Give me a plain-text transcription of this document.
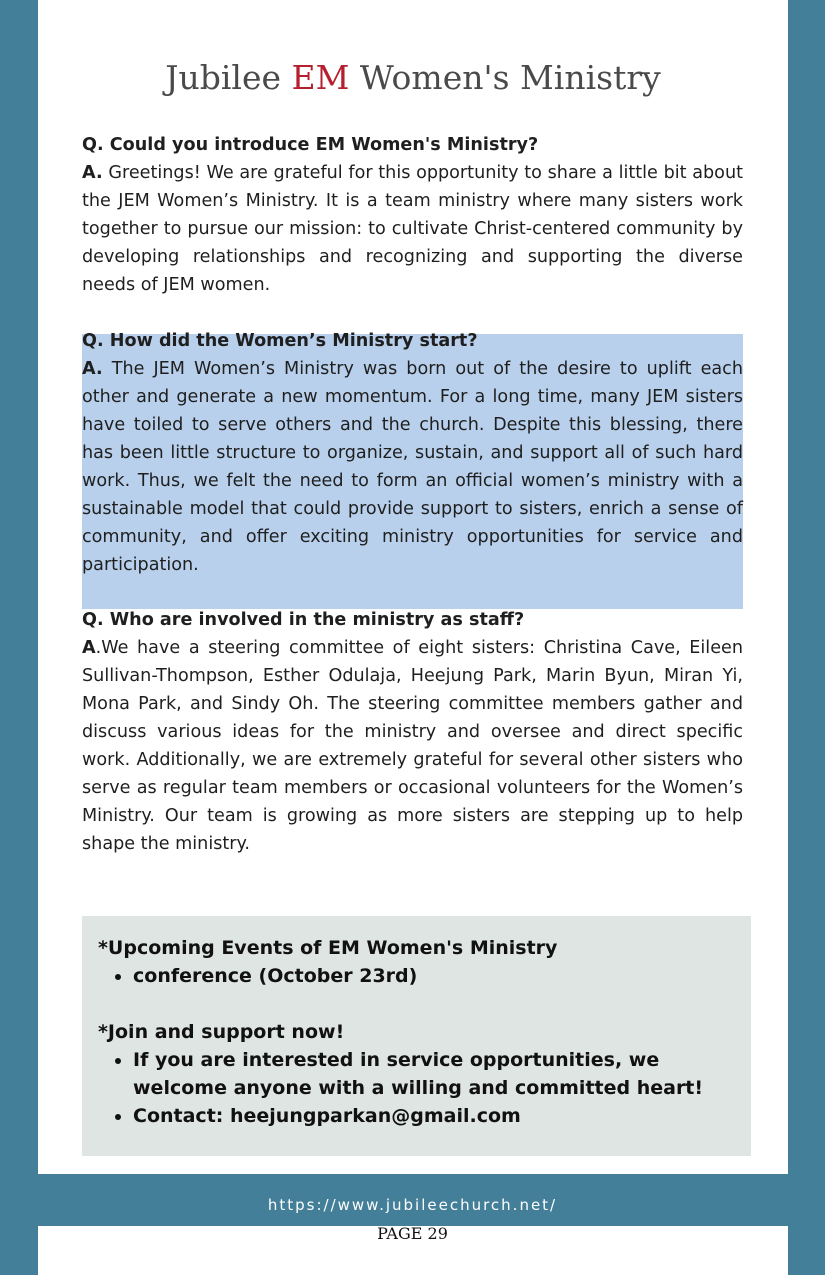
Jubilee EM Women's Ministry

Q. Could you introduce EM Women's Ministry?

A. Greetings! We are grateful for this opportunity to share a little bit about the JEM Women’s Ministry. It is a team ministry where many sisters work together to pursue our mission: to cultivate Christ-centered community by developing relationships and recognizing and supporting the diverse needs of JEM women.

Q. How did the Women’s Ministry start?

A. The JEM Women’s Ministry was born out of the desire to uplift each other and generate a new momentum. For a long time, many JEM sisters have toiled to serve others and the church. Despite this blessing, there has been little structure to organize, sustain, and support all of such hard work. Thus, we felt the need to form an official women’s ministry with a sustainable model that could provide support to sisters, enrich a sense of community, and offer exciting ministry opportunities for service and participation.

Q. Who are involved in the ministry as staff?

A.We have a steering committee of eight sisters: Christina Cave, Eileen Sullivan-Thompson, Esther Odulaja, Heejung Park, Marin Byun, Miran Yi, Mona Park, and Sindy Oh. The steering committee members gather and discuss various ideas for the ministry and oversee and direct specific work. Additionally, we are extremely grateful for several other sisters who serve as regular team members or occasional volunteers for the Women’s Ministry. Our team is growing as more sisters are stepping up to help shape the ministry.

*Upcoming Events of EM Women's Ministry

• conference (October 23rd)

*Join and support now!

• If you are interested in service opportunities, we welcome anyone with a willing and committed heart!
• Contact: heejungparkan@gmail.com
https://www.jubileechurch.net/
PAGE 29
